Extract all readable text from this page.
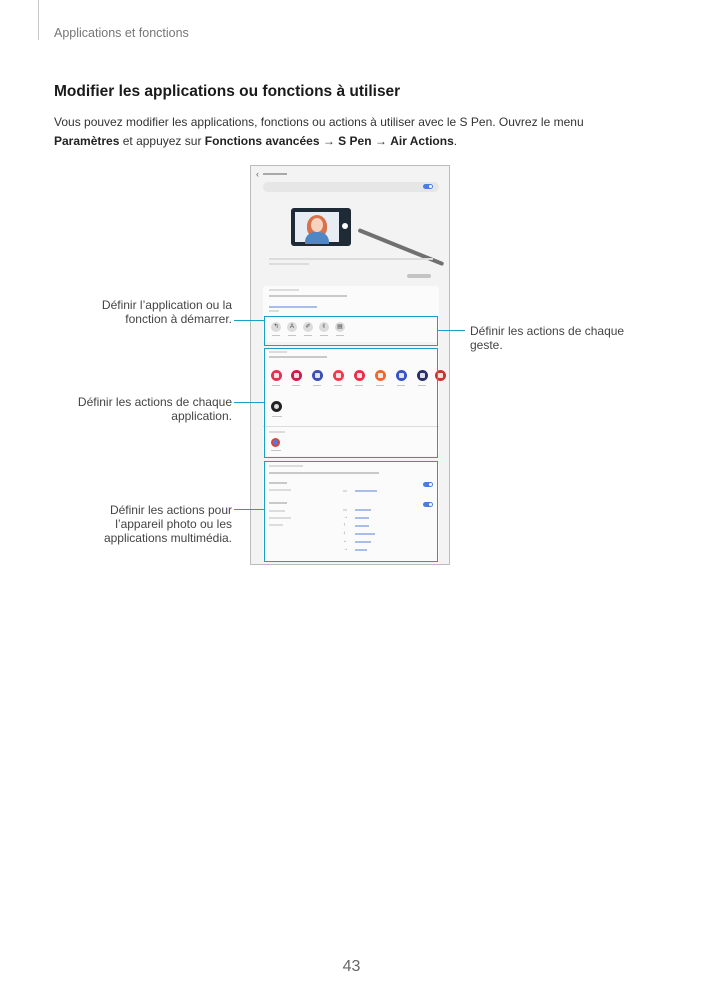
Applications et fonctions
Modifier les applications ou fonctions à utiliser
Vous pouvez modifier les applications, fonctions ou actions à utiliser avec le S Pen. Ouvrez le menu
Paramètres et appuyez sur Fonctions avancées → S Pen → Air Actions.
‹
↰	A	✐	✌	▤
→
↑
↓
←
→
Définir l’application ou la fonction à démarrer.
Définir les actions de chaque geste.
Définir les actions de chaque application.
Définir les actions pour l’appareil photo ou les applications multimédia.
43
